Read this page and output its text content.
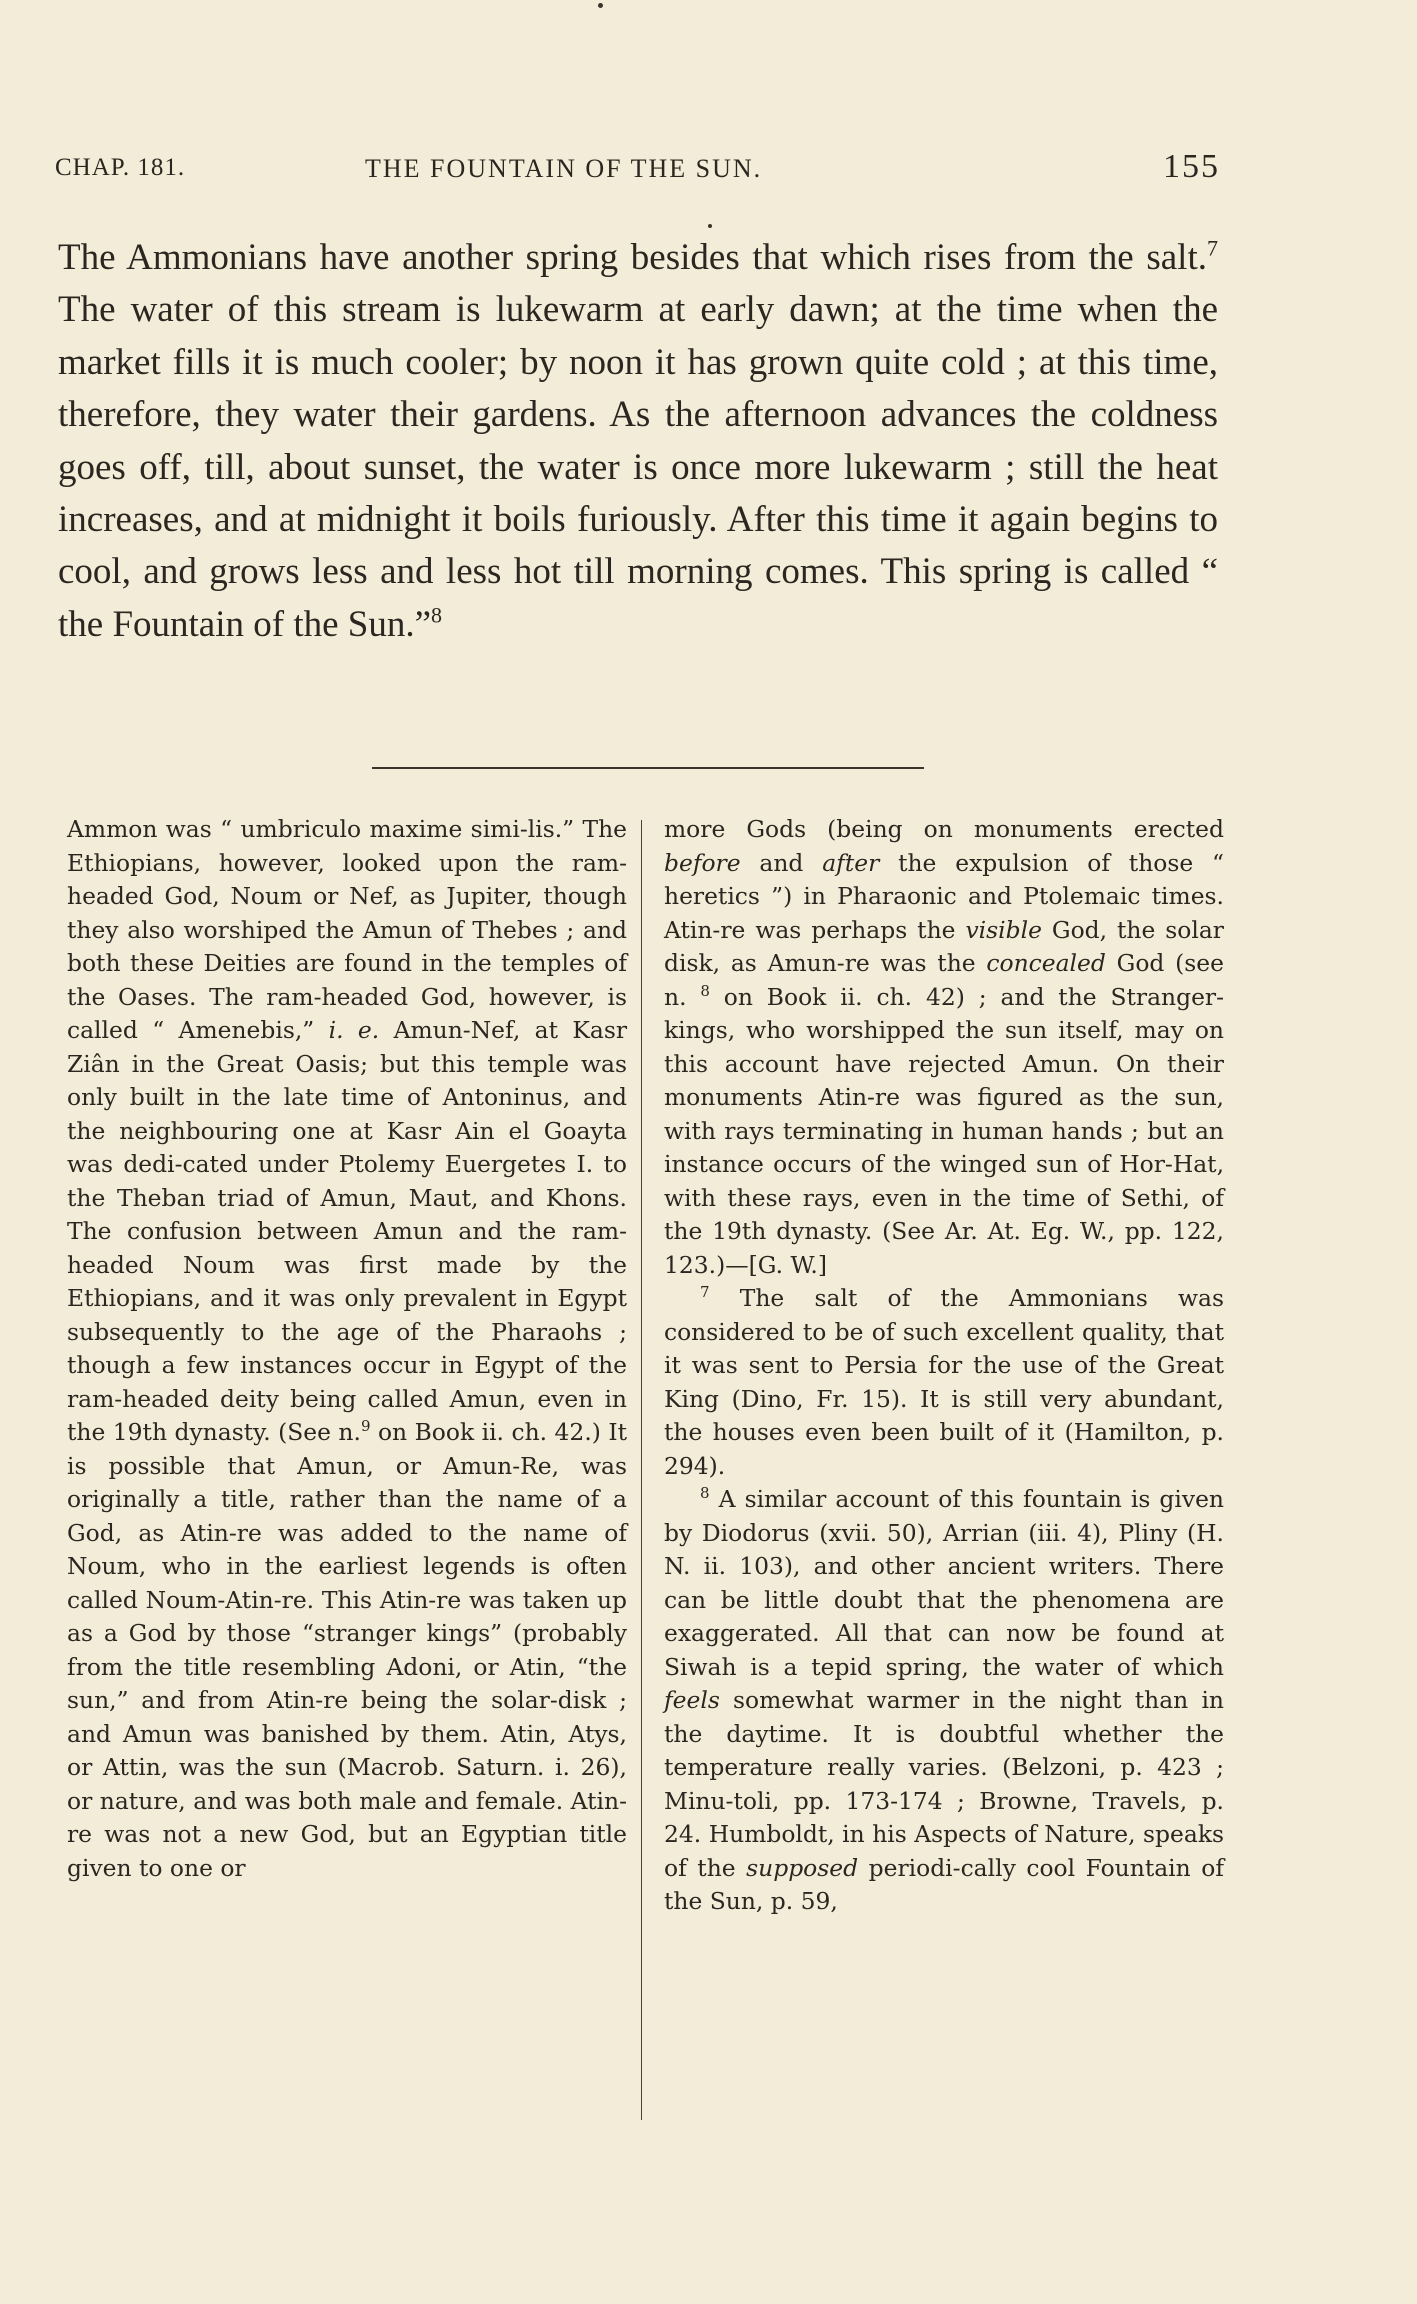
CHAP. 181.	THE FOUNTAIN OF THE SUN.	155

The Ammonians have another spring besides that which rises from the salt.$^7$ The water of this stream is lukewarm at early dawn; at the time when the market fills it is much cooler; by noon it has grown quite cold ; at this time, therefore, they water their gardens. As the afternoon advances the coldness goes off, till, about sunset, the water is once more lukewarm ; still the heat increases, and at midnight it boils furiously. After this time it again begins to cool, and grows less and less hot till morning comes. This spring is called “ the Fountain of the Sun.”$^8$

Ammon was “ umbriculo maxime simi-lis.” The Ethiopians, however, looked upon the ram-headed God, Noum or Nef, as Jupiter, though they also worshiped the Amun of Thebes ; and both these Deities are found in the temples of the Oases. The ram-headed God, however, is called “ Amenebis,” i. e. Amun-Nef, at Kasr Ziân in the Great Oasis; but this temple was only built in the late time of Antoninus, and the neighbouring one at Kasr Ain el Goayta was dedi-cated under Ptolemy Euergetes I. to the Theban triad of Amun, Maut, and Khons. The confusion between Amun and the ram-headed Noum was first made by the Ethiopians, and it was only prevalent in Egypt subsequently to the age of the Pharaohs ; though a few instances occur in Egypt of the ram-headed deity being called Amun, even in the 19th dynasty. (See n.$^9$ on Book ii. ch. 42.) It is possible that Amun, or Amun-Re, was originally a title, rather than the name of a God, as Atin-re was added to the name of Noum, who in the earliest legends is often called Noum-Atin-re. This Atin-re was taken up as a God by those “stranger kings” (probably from the title resembling Adoni, or Atin, “the sun,” and from Atin-re being the solar-disk ; and Amun was banished by them. Atin, Atys, or Attin, was the sun (Macrob. Saturn. i. 26), or nature, and was both male and female. Atin-re was not a new God, but an Egyptian title given to one or

more Gods (being on monuments erected before and after the expulsion of those “ heretics ”) in Pharaonic and Ptolemaic times. Atin-re was perhaps the visible God, the solar disk, as Amun-re was the concealed God (see n. $^8$ on Book ii. ch. 42) ; and the Stranger-kings, who worshipped the sun itself, may on this account have rejected Amun. On their monuments Atin-re was figured as the sun, with rays terminating in human hands ; but an instance occurs of the winged sun of Hor-Hat, with these rays, even in the time of Sethi, of the 19th dynasty. (See Ar. At. Eg. W., pp. 122, 123.)—[G. W.]

$^7$ The salt of the Ammonians was considered to be of such excellent quality, that it was sent to Persia for the use of the Great King (Dino, Fr. 15). It is still very abundant, the houses even been built of it (Hamilton, p. 294).

$^8$ A similar account of this fountain is given by Diodorus (xvii. 50), Arrian (iii. 4), Pliny (H. N. ii. 103), and other ancient writers. There can be little doubt that the phenomena are exaggerated. All that can now be found at Siwah is a tepid spring, the water of which feels somewhat warmer in the night than in the daytime. It is doubtful whether the temperature really varies. (Belzoni, p. 423 ; Minu-toli, pp. 173-174 ; Browne, Travels, p. 24. Humboldt, in his Aspects of Nature, speaks of the supposed periodi-cally cool Fountain of the Sun, p. 59,
